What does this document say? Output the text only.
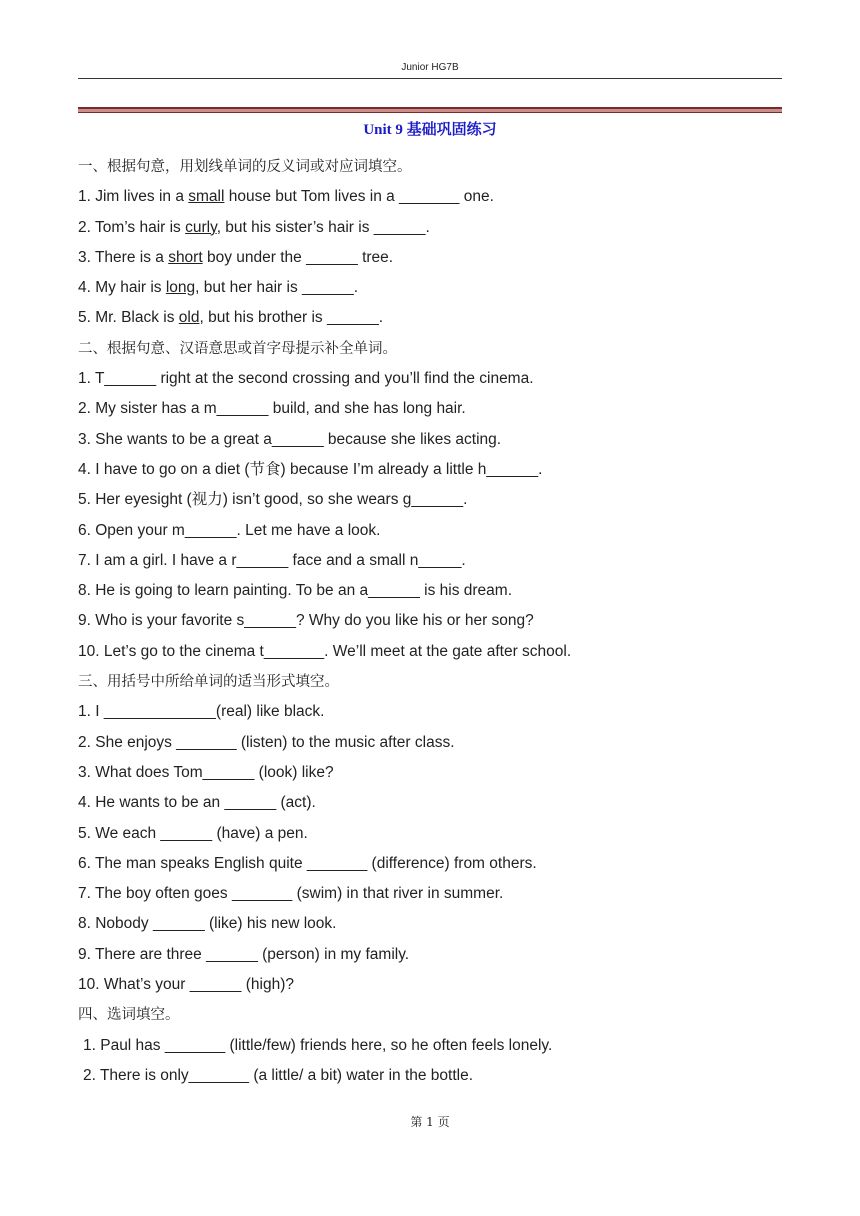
Junior HG7B
Unit 9 基础巩固练习
一、根据句意，用划线单词的反义词或对应词填空。
1. Jim lives in a small house but Tom lives in a _______ one.
2. Tom’s hair is curly, but his sister’s hair is ______.
3. There is a short boy under the ______ tree.
4. My hair is long, but her hair is ______.
5. Mr. Black is old, but his brother is ______.
二、根据句意、汉语意思或首字母提示补全单词。
1. T______ right at the second crossing and you’ll find the cinema.
2. My sister has a m______ build, and she has long hair.
3. She wants to be a great a______ because she likes acting.
4. I have to go on a diet (节食) because I’m already a little h______.
5. Her eyesight (视力) isn’t good, so she wears g______.
6. Open your m______. Let me have a look.
7. I am a girl. I have a r______ face and a small n_____.
8. He is going to learn painting. To be an a______ is his dream.
9. Who is your favorite s______? Why do you like his or her song?
10. Let’s go to the cinema t_______. We’ll meet at the gate after school.
三、用括号中所给单词的适当形式填空。
1. I _____________(real) like black.
2. She enjoys _______ (listen) to the music after class.
3. What does Tom______ (look) like?
4. He wants to be an ______ (act).
5. We each ______ (have) a pen.
6. The man speaks English quite _______ (difference) from others.
7. The boy often goes _______ (swim) in that river in summer.
8. Nobody ______ (like) his new look.
9. There are three ______ (person) in my family.
10. What’s your ______ (high)?
四、选词填空。
1. Paul has _______ (little/few) friends here, so he often feels lonely.
2. There is only_______ (a little/ a bit) water in the bottle.
第 1 页
